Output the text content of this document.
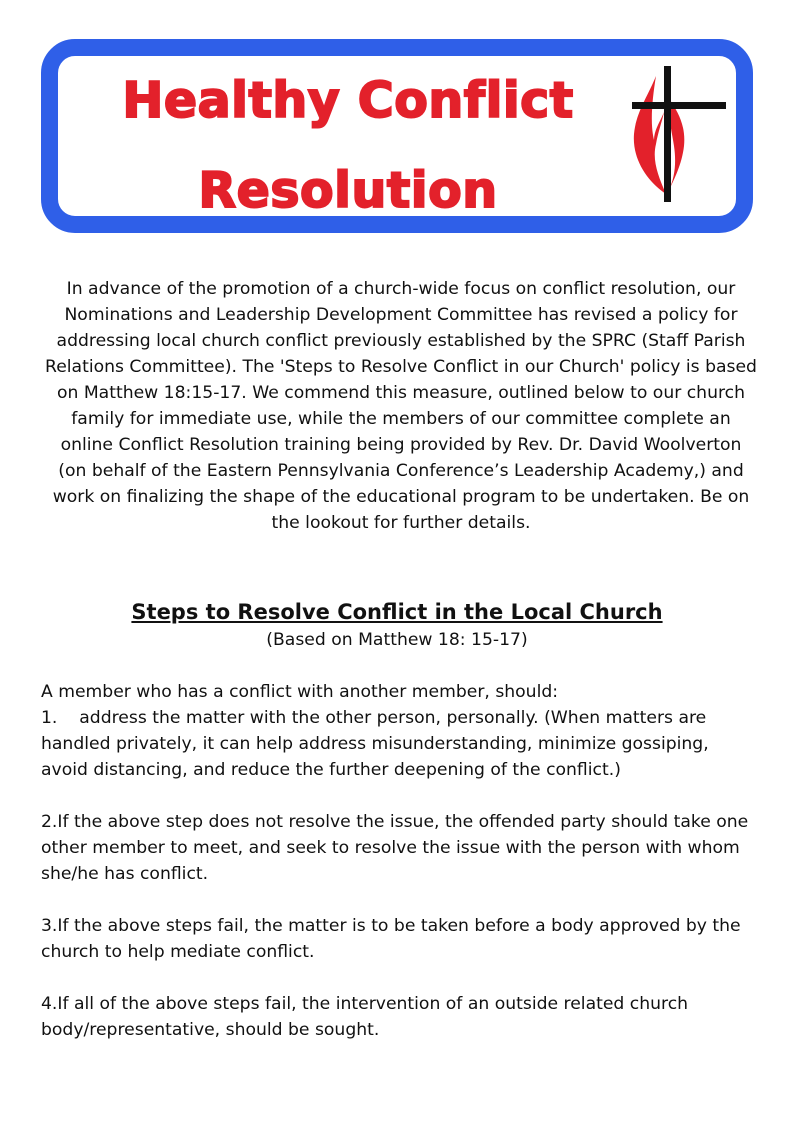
Healthy Conflict
Resolution

In advance of the promotion of a church-wide focus on conflict resolution, our Nominations and Leadership Development Committee has revised a policy for addressing local church conflict previously established by the SPRC (Staff Parish Relations Committee). The 'Steps to Resolve Conflict in our Church' policy is based on Matthew 18:15-17. We commend this measure, outlined below to our church family for immediate use, while the members of our committee complete an online Conflict Resolution training being provided by Rev. Dr. David Woolverton (on behalf of the Eastern Pennsylvania Conference’s Leadership Academy,) and work on finalizing the shape of the educational program to be undertaken. Be on the lookout for further details.

Steps to Resolve Conflict in the Local Church

(Based on Matthew 18: 15-17)

A member who has a conflict with another member, should:

1.    address the matter with the other person, personally. (When matters are handled privately, it can help address misunderstanding, minimize gossiping, avoid distancing, and reduce the further deepening of the conflict.)

2.If the above step does not resolve the issue, the offended party should take one other member to meet, and seek to resolve the issue with the person with whom she/he has conflict.

3.If the above steps fail, the matter is to be taken before a body approved by the church to help mediate conflict.

4.If all of the above steps fail, the intervention of an outside related church body/representative, should be sought.
